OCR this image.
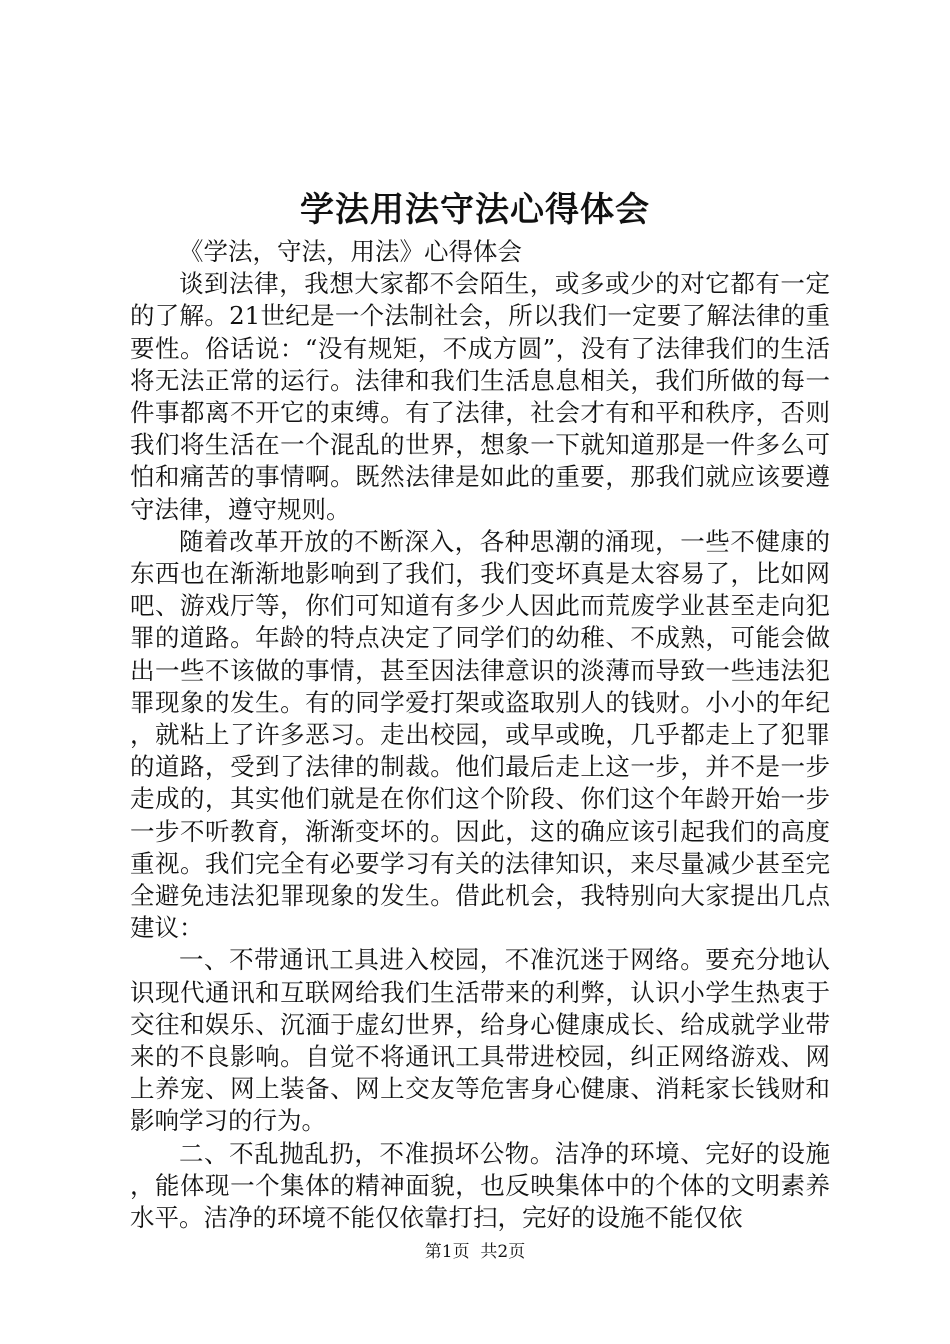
学法用法守法心得体会

《学法，守法，用法》心得体会

谈到法律，我想大家都不会陌生，或多或少的对它都有一定的了解。21世纪是一个法制社会，所以我们一定要了解法律的重要性。俗话说：“没有规矩，不成方圆”，没有了法律我们的生活将无法正常的运行。法律和我们生活息息相关，我们所做的每一件事都离不开它的束缚。有了法律，社会才有和平和秩序，否则我们将生活在一个混乱的世界，想象一下就知道那是一件多么可怕和痛苦的事情啊。既然法律是如此的重要，那我们就应该要遵守法律，遵守规则。

随着改革开放的不断深入，各种思潮的涌现，一些不健康的东西也在渐渐地影响到了我们，我们变坏真是太容易了，比如网吧、游戏厅等，你们可知道有多少人因此而荒废学业甚至走向犯罪的道路。年龄的特点决定了同学们的幼稚、不成熟，可能会做出一些不该做的事情，甚至因法律意识的淡薄而导致一些违法犯罪现象的发生。有的同学爱打架或盗取别人的钱财。小小的年纪，就粘上了许多恶习。走出校园，或早或晚，几乎都走上了犯罪的道路，受到了法律的制裁。他们最后走上这一步，并不是一步走成的，其实他们就是在你们这个阶段、你们这个年龄开始一步一步不听教育，渐渐变坏的。因此，这的确应该引起我们的高度重视。我们完全有必要学习有关的法律知识，来尽量减少甚至完全避免违法犯罪现象的发生。借此机会，我特别向大家提出几点建议：

一、不带通讯工具进入校园，不准沉迷于网络。要充分地认识现代通讯和互联网给我们生活带来的利弊，认识小学生热衷于交往和娱乐、沉湎于虚幻世界，给身心健康成长、给成就学业带来的不良影响。自觉不将通讯工具带进校园，纠正网络游戏、网上养宠、网上装备、网上交友等危害身心健康、消耗家长钱财和影响学习的行为。

二、不乱抛乱扔，不准损坏公物。洁净的环境、完好的设施，能体现一个集体的精神面貌，也反映集体中的个体的文明素养水平。洁净的环境不能仅依靠打扫，完好的设施不能仅依

第1页 共2页
